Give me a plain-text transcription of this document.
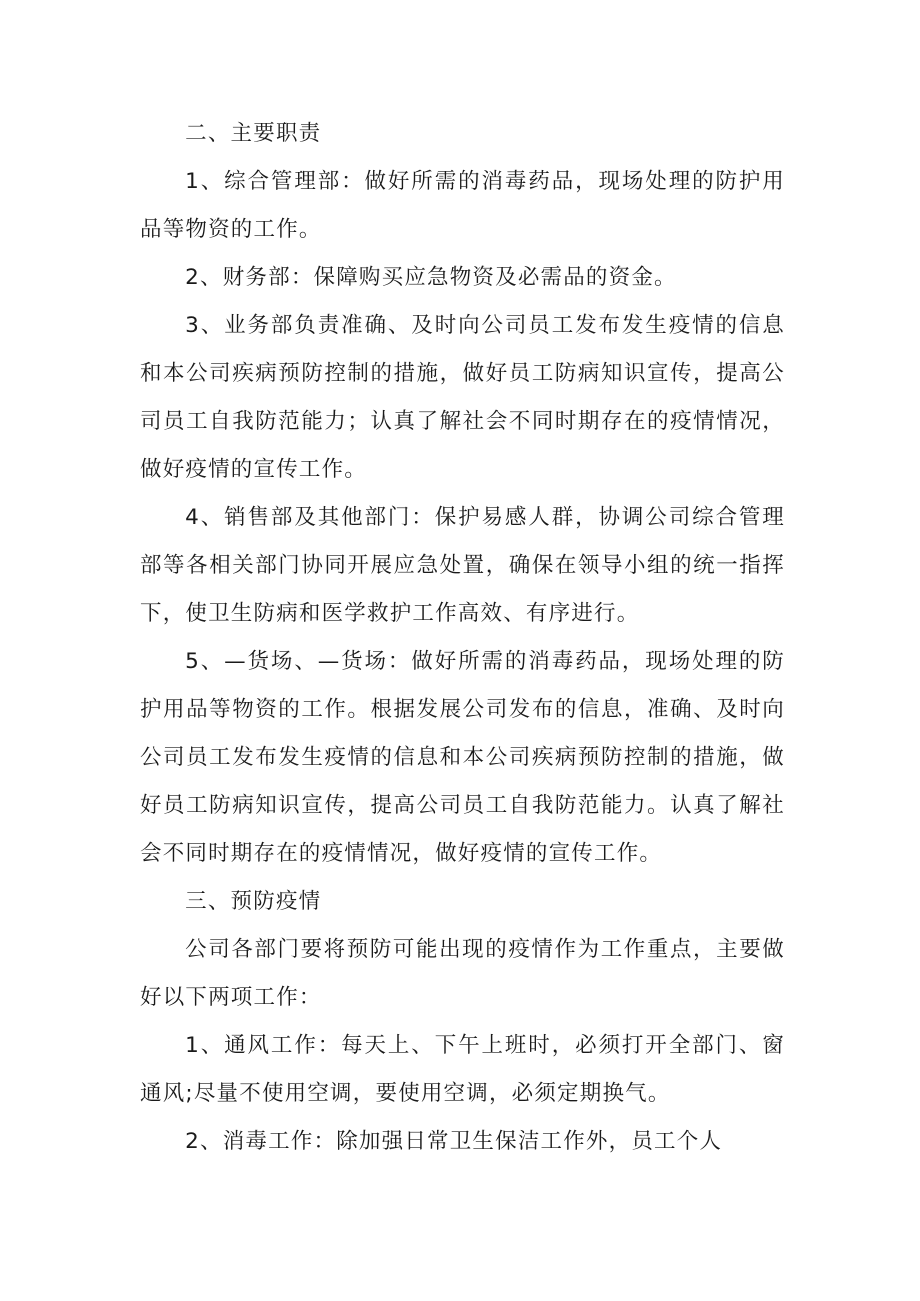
二、主要职责

1、综合管理部：做好所需的消毒药品，现场处理的防护用品等物资的工作。

2、财务部：保障购买应急物资及必需品的资金。

3、业务部负责准确、及时向公司员工发布发生疫情的信息和本公司疾病预防控制的措施，做好员工防病知识宣传，提高公司员工自我防范能力；认真了解社会不同时期存在的疫情情况，做好疫情的宣传工作。

4、销售部及其他部门：保护易感人群，协调公司综合管理部等各相关部门协同开展应急处置，确保在领导小组的统一指挥下，使卫生防病和医学救护工作高效、有序进行。

5、—货场、—货场：做好所需的消毒药品，现场处理的防护用品等物资的工作。根据发展公司发布的信息，准确、及时向公司员工发布发生疫情的信息和本公司疾病预防控制的措施，做好员工防病知识宣传，提高公司员工自我防范能力。认真了解社会不同时期存在的疫情情况，做好疫情的宣传工作。

三、预防疫情

公司各部门要将预防可能出现的疫情作为工作重点，主要做好以下两项工作：

1、通风工作：每天上、下午上班时，必须打开全部门、窗通风;尽量不使用空调，要使用空调，必须定期换气。

2、消毒工作：除加强日常卫生保洁工作外，员工个人
